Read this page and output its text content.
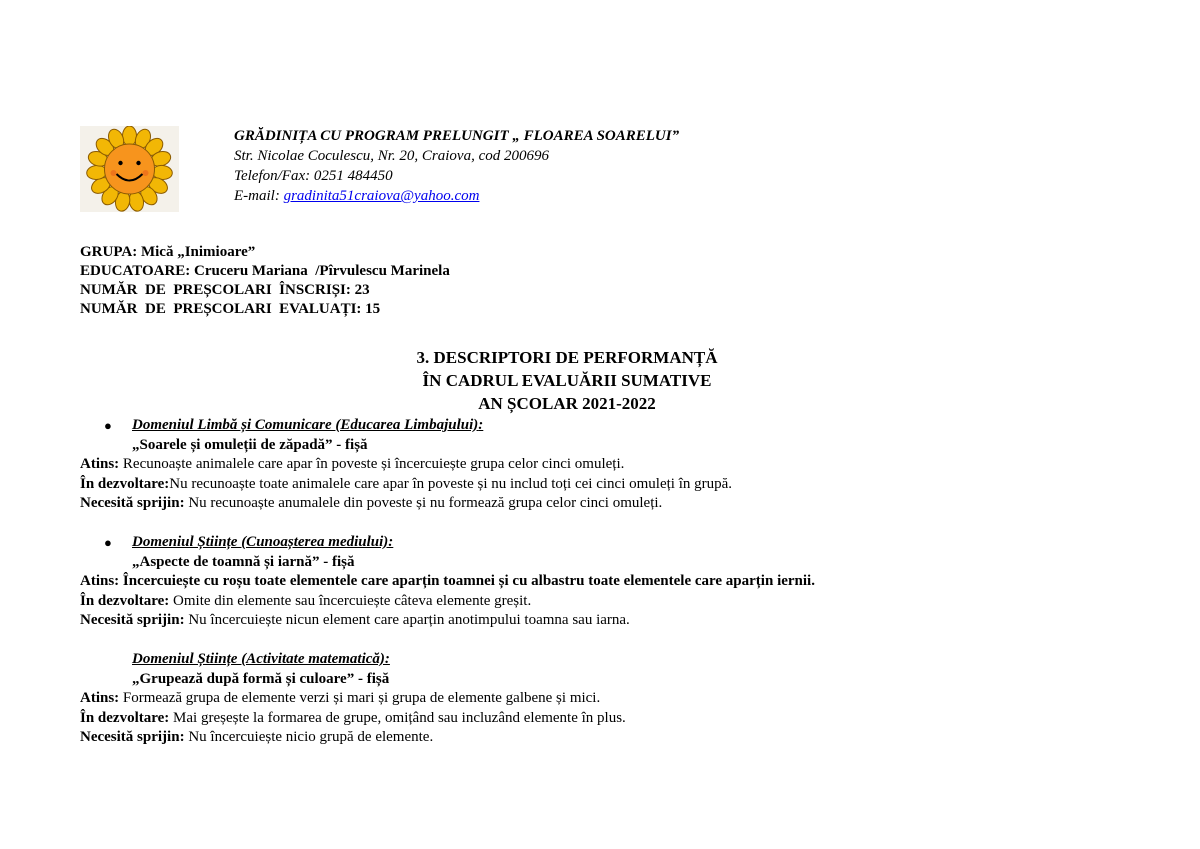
GRĂDINIȚA CU PROGRAM PRELUNGIT „ FLOAREA SOARELUI”
Str. Nicolae Coculescu, Nr. 20, Craiova, cod 200696
Telefon/Fax: 0251 484450
E-mail: gradinita51craiova@yahoo.com
GRUPA: Mică „Inimioare”
EDUCATOARE: Cruceru Mariana  /Pîrvulescu Marinela
NUMĂR  DE  PREȘCOLARI  ÎNSCRIȘI: 23
NUMĂR  DE  PREȘCOLARI  EVALUAȚI: 15
3. DESCRIPTORI DE PERFORMANȚĂ
ÎN CADRUL EVALUĂRII SUMATIVE
AN ȘCOLAR 2021-2022
● Domeniul Limbă și Comunicare (Educarea Limbajului):
„Soarele și omuleții de zăpadă” - fișă
Atins: Recunoaște animalele care apar în poveste și încercuiește grupa celor cinci omuleți.
În dezvoltare:Nu recunoaște toate animalele care apar în poveste și nu includ toți cei cinci omuleți în grupă.
Necesită sprijin: Nu recunoaște anumalele din poveste și nu formează grupa celor cinci omuleți.
● Domeniul Științe (Cunoașterea mediului):
„Aspecte de toamnă și iarnă” - fișă
Atins: Încercuiește cu roșu toate elementele care aparțin toamnei și cu albastru toate elementele care aparțin iernii.
În dezvoltare: Omite din elemente sau încercuiește câteva elemente greșit.
Necesită sprijin: Nu încercuiește nicun element care aparțin anotimpului toamna sau iarna.
Domeniul Științe (Activitate matematică):
„Grupează după formă și culoare” - fișă
Atins: Formează grupa de elemente verzi și mari și grupa de elemente galbene și mici.
În dezvoltare: Mai greșește la formarea de grupe, omițând sau incluzând elemente în plus.
Necesită sprijin: Nu încercuiește nicio grupă de elemente.
